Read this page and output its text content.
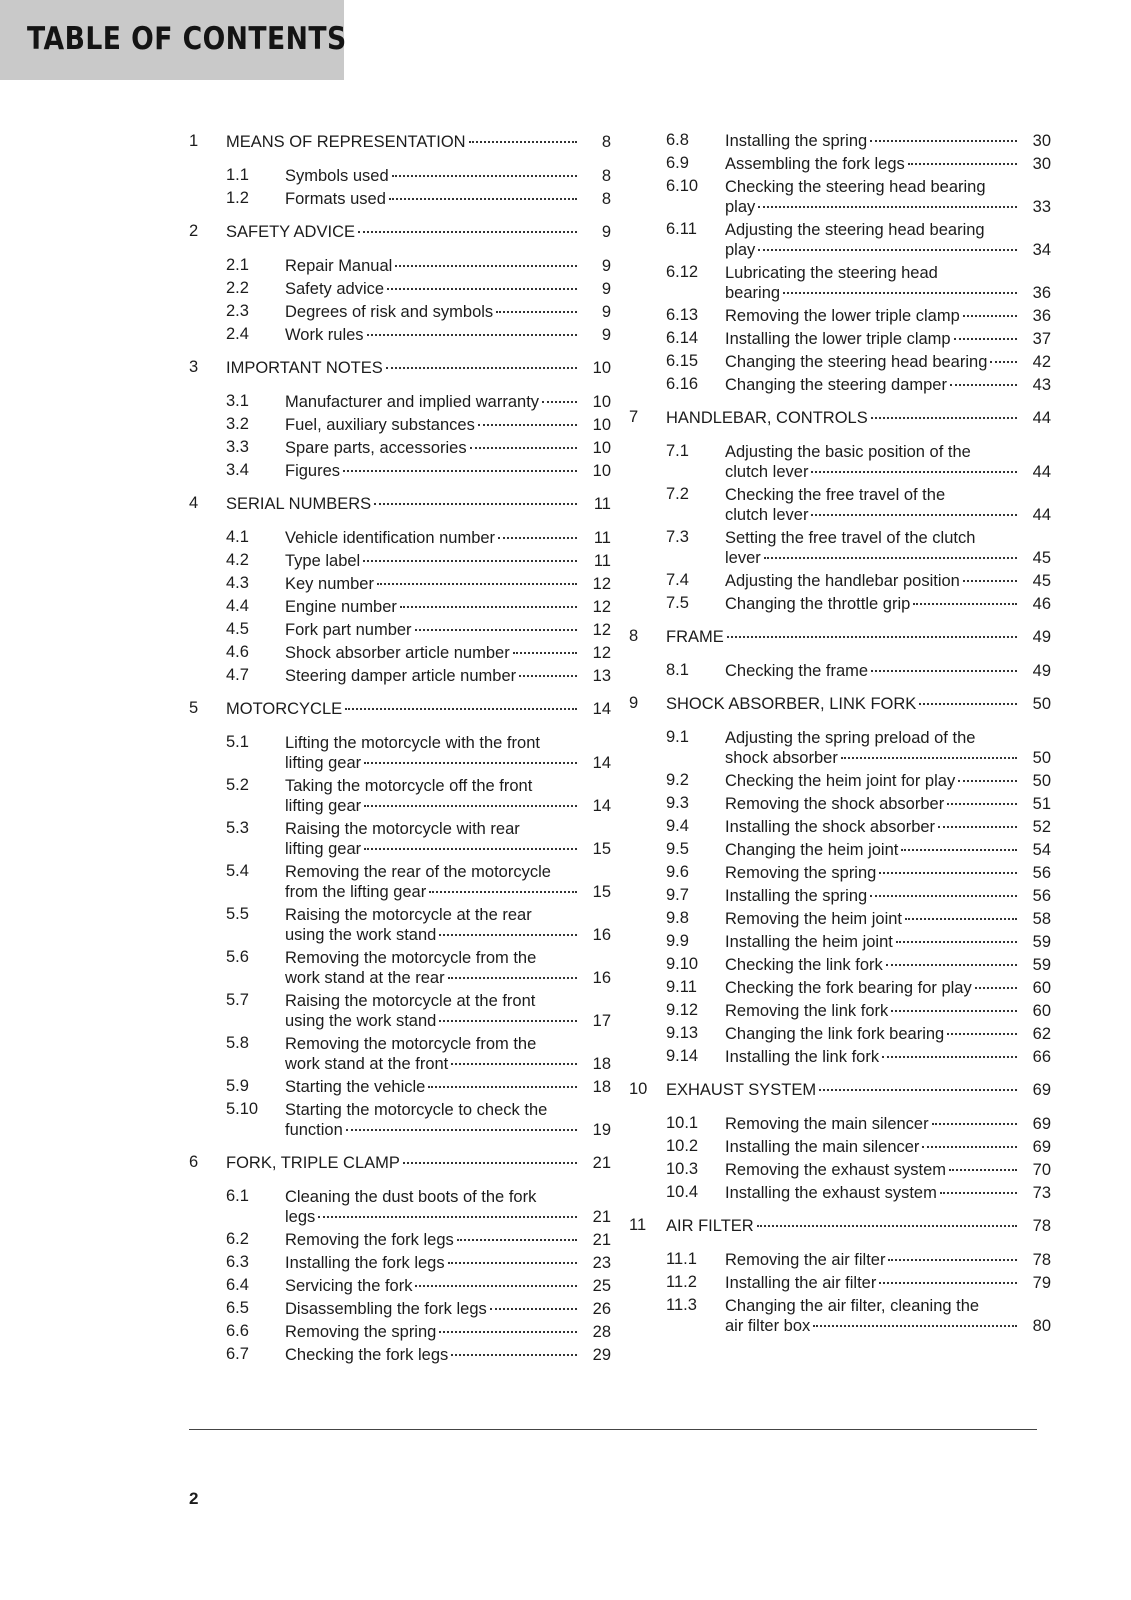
TABLE OF CONTENTS
1 MEANS OF REPRESENTATION	8
1.1 Symbols used	8
1.2 Formats used	8
2 SAFETY ADVICE	9
2.1 Repair Manual	9
2.2 Safety advice	9
2.3 Degrees of risk and symbols	9
2.4 Work rules	9
3 IMPORTANT NOTES	10
3.1 Manufacturer and implied warranty	10
3.2 Fuel, auxiliary substances	10
3.3 Spare parts, accessories	10
3.4 Figures	10
4 SERIAL NUMBERS	11
4.1 Vehicle identification number	11
4.2 Type label	11
4.3 Key number	12
4.4 Engine number	12
4.5 Fork part number	12
4.6 Shock absorber article number	12
4.7 Steering damper article number	13
5 MOTORCYCLE	14
5.1 Lifting the motorcycle with the front
lifting gear	14
5.2 Taking the motorcycle off the front
lifting gear	14
5.3 Raising the motorcycle with rear
lifting gear	15
5.4 Removing the rear of the motorcycle
from the lifting gear	15
5.5 Raising the motorcycle at the rear
using the work stand	16
5.6 Removing the motorcycle from the
work stand at the rear	16
5.7 Raising the motorcycle at the front
using the work stand	17
5.8 Removing the motorcycle from the
work stand at the front	18
5.9 Starting the vehicle	18
5.10 Starting the motorcycle to check the
function	19
6 FORK, TRIPLE CLAMP	21
6.1 Cleaning the dust boots of the fork
legs	21
6.2 Removing the fork legs	21
6.3 Installing the fork legs	23
6.4 Servicing the fork	25
6.5 Disassembling the fork legs	26
6.6 Removing the spring	28
6.7 Checking the fork legs	29
6.8 Installing the spring	30
6.9 Assembling the fork legs	30
6.10 Checking the steering head bearing
play	33
6.11 Adjusting the steering head bearing
play	34
6.12 Lubricating the steering head
bearing	36
6.13 Removing the lower triple clamp	36
6.14 Installing the lower triple clamp	37
6.15 Changing the steering head bearing	42
6.16 Changing the steering damper	43
7 HANDLEBAR, CONTROLS	44
7.1 Adjusting the basic position of the
clutch lever	44
7.2 Checking the free travel of the
clutch lever	44
7.3 Setting the free travel of the clutch
lever	45
7.4 Adjusting the handlebar position	45
7.5 Changing the throttle grip	46
8 FRAME	49
8.1 Checking the frame	49
9 SHOCK ABSORBER, LINK FORK	50
9.1 Adjusting the spring preload of the
shock absorber	50
9.2 Checking the heim joint for play	50
9.3 Removing the shock absorber	51
9.4 Installing the shock absorber	52
9.5 Changing the heim joint	54
9.6 Removing the spring	56
9.7 Installing the spring	56
9.8 Removing the heim joint	58
9.9 Installing the heim joint	59
9.10 Checking the link fork	59
9.11 Checking the fork bearing for play	60
9.12 Removing the link fork	60
9.13 Changing the link fork bearing	62
9.14 Installing the link fork	66
10 EXHAUST SYSTEM	69
10.1 Removing the main silencer	69
10.2 Installing the main silencer	69
10.3 Removing the exhaust system	70
10.4 Installing the exhaust system	73
11 AIR FILTER	78
11.1 Removing the air filter	78
11.2 Installing the air filter	79
11.3 Changing the air filter, cleaning the
air filter box	80
2
